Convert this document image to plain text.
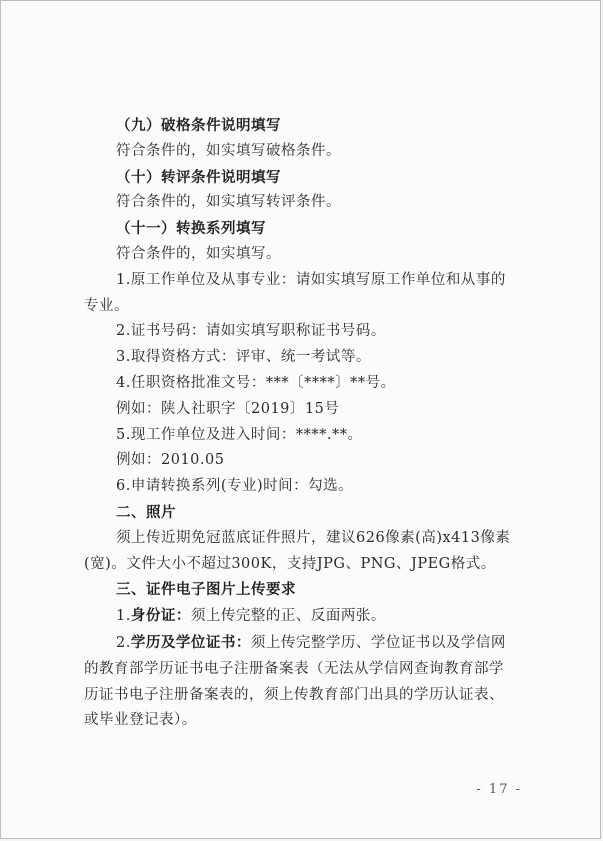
（九）破格条件说明填写
符合条件的，如实填写破格条件。
（十）转评条件说明填写
符合条件的，如实填写转评条件。
（十一）转换系列填写
符合条件的，如实填写。
1.原工作单位及从事专业：请如实填写原工作单位和从事的
专业。
2.证书号码：请如实填写职称证书号码。
3.取得资格方式：评审、统一考试等。
4.任职资格批准文号：***〔****〕**号。
例如：陕人社职字〔2019〕15号
5.现工作单位及进入时间：****.**。
例如：2010.05
6.申请转换系列(专业)时间：勾选。
二、照片
须上传近期免冠蓝底证件照片，建议626像素(高)x413像素
(宽)。文件大小不超过300K，支持JPG、PNG、JPEG格式。
三、证件电子图片上传要求
1.身份证：须上传完整的正、反面两张。
2.学历及学位证书：须上传完整学历、学位证书以及学信网
的教育部学历证书电子注册备案表（无法从学信网查询教育部学
历证书电子注册备案表的，须上传教育部门出具的学历认证表、
或毕业登记表）。
- 17 -
